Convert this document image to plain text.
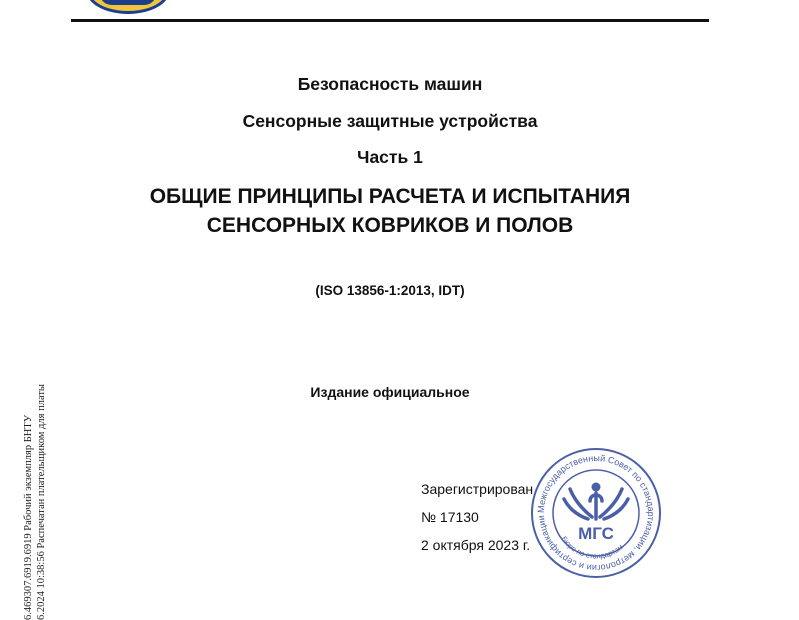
Безопасность машин
Сенсорные защитные устройства
Часть 1
ОБЩИЕ ПРИНЦИПЫ РАСЧЕТА И ИСПЫТАНИЯ
СЕНСОРНЫХ КОВРИКОВ И ПОЛОВ
(ISO 13856-1:2013, IDT)
Издание официальное
Зарегистрирован
№ 17130
2 октября 2023 г.
Межгосударственный Совет по стандартизации, метрологии и сертификации
МГС
Бюро по стандартам
6.469307.6919.6919 Рабочий экземпляр БНТУ 6.2024 10:38:56 Распечатан плательщиком для платы
